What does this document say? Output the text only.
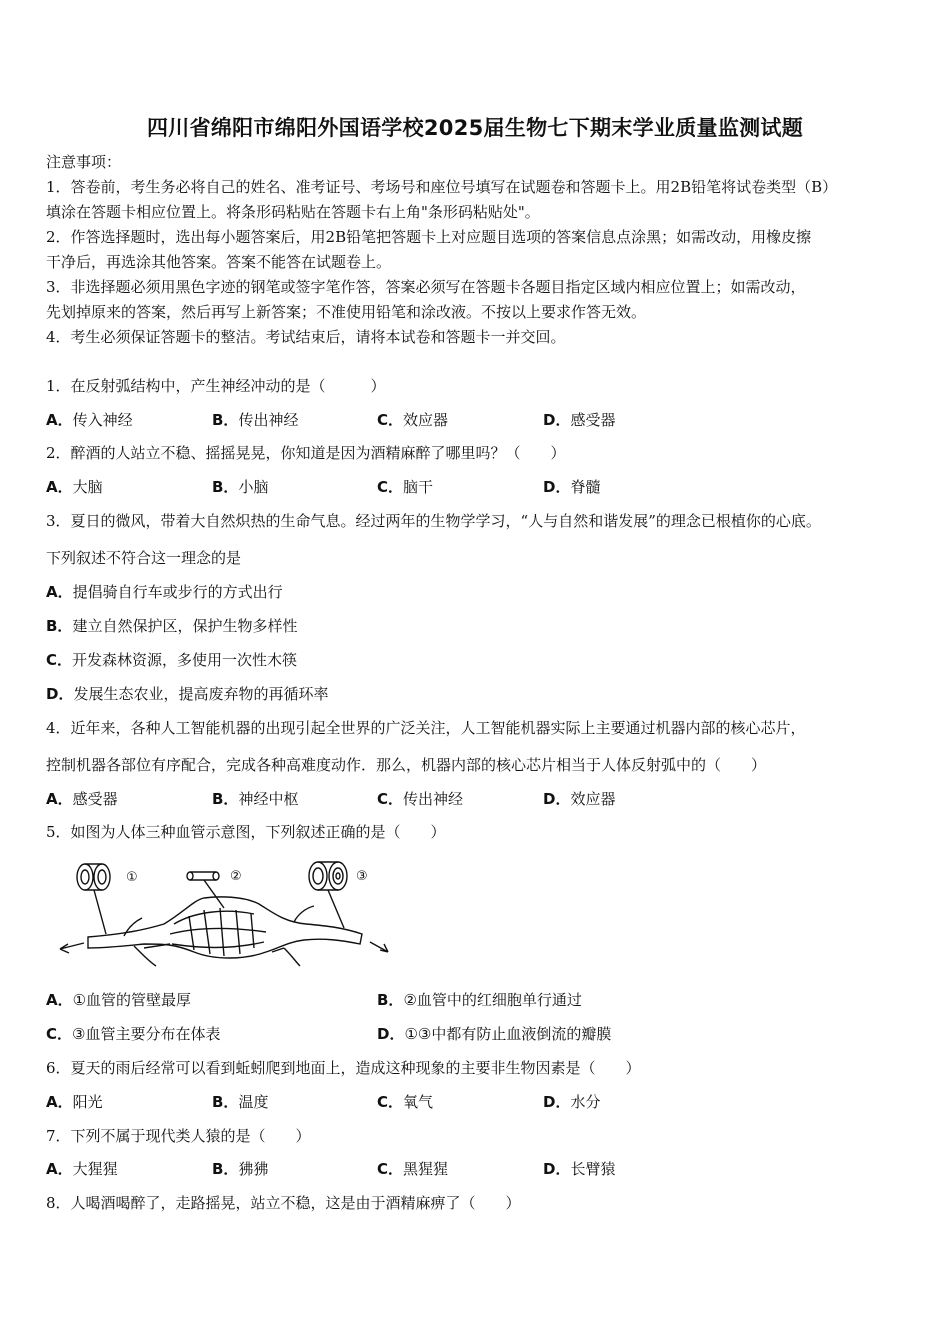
四川省绵阳市绵阳外国语学校2025届生物七下期末学业质量监测试题
注意事项：
1．答卷前，考生务必将自己的姓名、准考证号、考场号和座位号填写在试题卷和答题卡上。用2B铅笔将试卷类型（B）
填涂在答题卡相应位置上。将条形码粘贴在答题卡右上角"条形码粘贴处"。
2．作答选择题时，选出每小题答案后，用2B铅笔把答题卡上对应题目选项的答案信息点涂黑；如需改动，用橡皮擦
干净后，再选涂其他答案。答案不能答在试题卷上。
3．非选择题必须用黑色字迹的钢笔或签字笔作答，答案必须写在答题卡各题目指定区域内相应位置上；如需改动，
先划掉原来的答案，然后再写上新答案；不准使用铅笔和涂改液。不按以上要求作答无效。
4．考生必须保证答题卡的整洁。考试结束后，请将本试卷和答题卡一并交回。
1．在反射弧结构中，产生神经冲动的是（　　　）
A．传入神经	B．传出神经	C．效应器	D．感受器
2．醉酒的人站立不稳、摇摇晃晃，你知道是因为酒精麻醉了哪里吗？（　　）
A．大脑	B．小脑	C．脑干	D．脊髓
3．夏日的微风，带着大自然炽热的生命气息。经过两年的生物学学习，“人与自然和谐发展”的理念已根植你的心底。
下列叙述不符合这一理念的是
A．提倡骑自行车或步行的方式出行
B．建立自然保护区，保护生物多样性
C．开发森林资源，多使用一次性木筷
D．发展生态农业，提高废弃物的再循环率
4．近年来，各种人工智能机器的出现引起全世界的广泛关注，人工智能机器实际上主要通过机器内部的核心芯片，
控制机器各部位有序配合，完成各种高难度动作．那么，机器内部的核心芯片相当于人体反射弧中的（　　）
A．感受器	B．神经中枢	C．传出神经	D．效应器
5．如图为人体三种血管示意图，下列叙述正确的是（　　）
①	②	③
A．①血管的管壁最厚	B．②血管中的红细胞单行通过
C．③血管主要分布在体表	D．①③中都有防止血液倒流的瓣膜
6．夏天的雨后经常可以看到蚯蚓爬到地面上，造成这种现象的主要非生物因素是（　　）
A．阳光	B．温度	C．氧气	D．水分
7．下列不属于现代类人猿的是（　　）
A．大猩猩	B．狒狒	C．黑猩猩	D．长臂猿
8．人喝酒喝醉了，走路摇晃，站立不稳，这是由于酒精麻痹了（　　）
